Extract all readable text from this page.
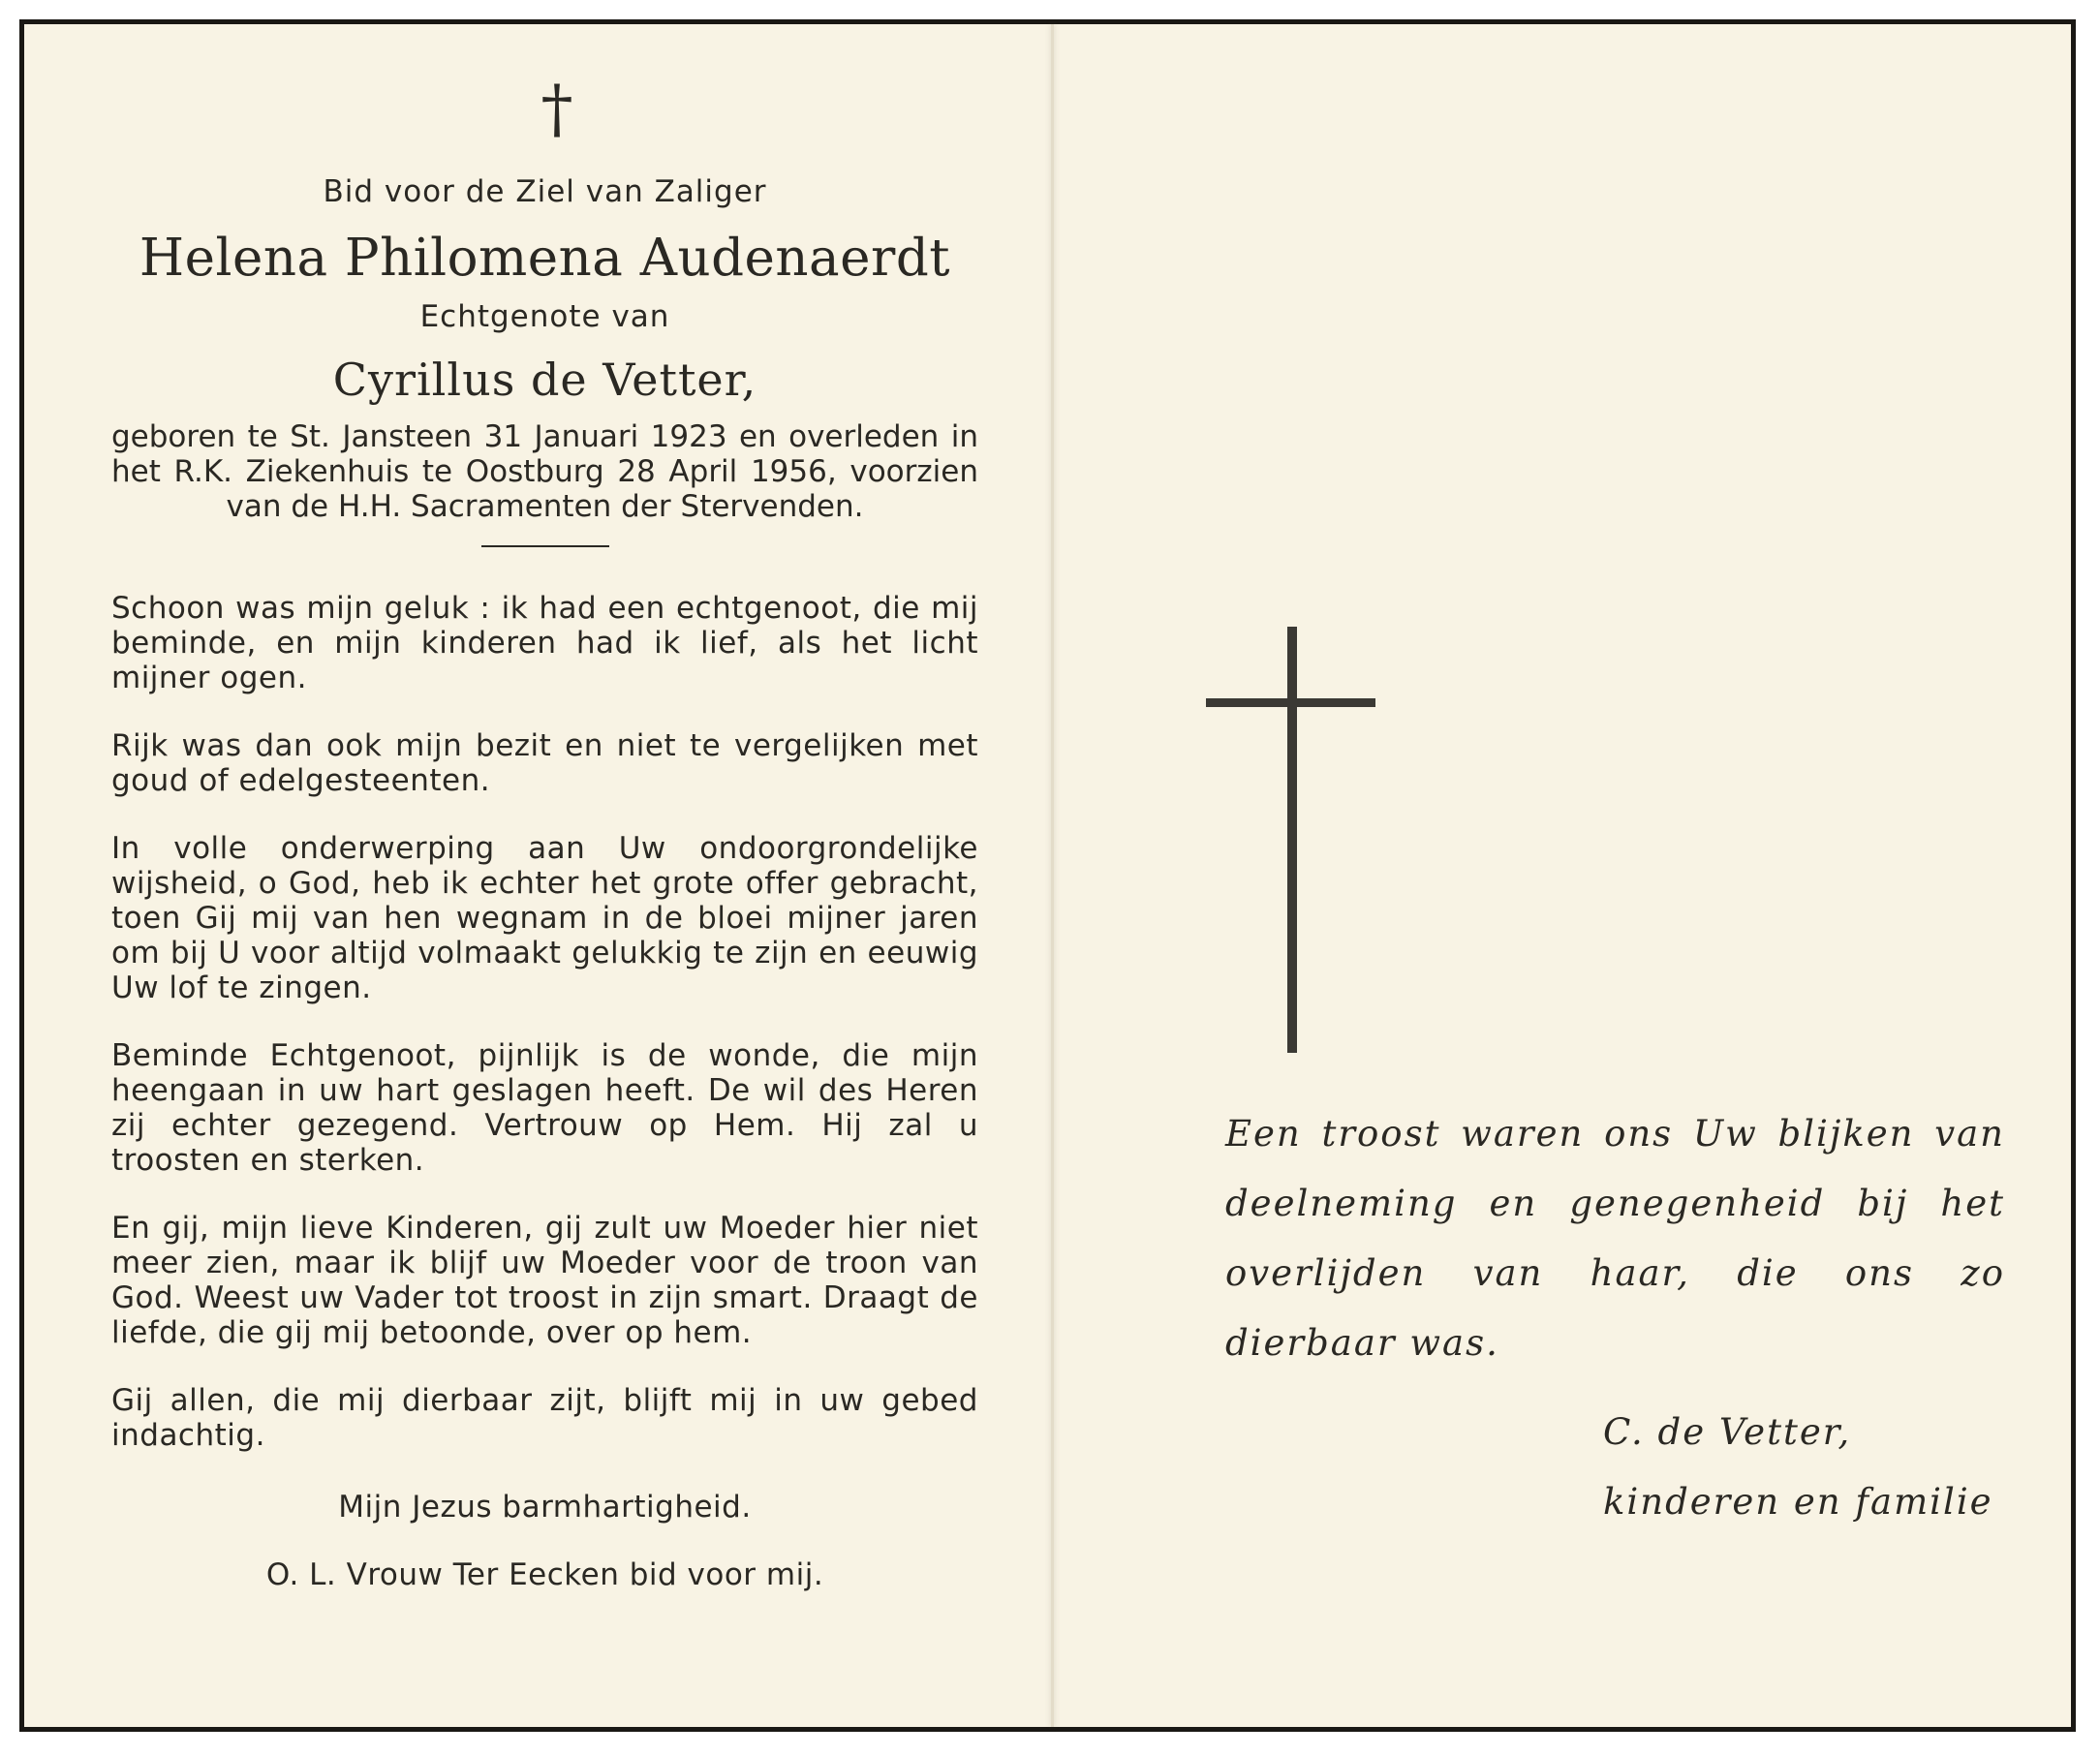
†
Bid voor de Ziel van Zaliger
Helena Philomena Audenaerdt
Echtgenote van
Cyrillus de Vetter,
geboren te St. Jansteen 31 Januari 1923 en overleden in het R.K. Ziekenhuis te Oostburg 28 April 1956, voorzien van de H.H. Sacramenten der Stervenden.

Schoon was mijn geluk : ik had een echtgenoot, die mij beminde, en mijn kinderen had ik lief, als het licht mijner ogen.

Rijk was dan ook mijn bezit en niet te vergelijken met goud of edelgesteenten.

In volle onderwerping aan Uw ondoorgrondelijke wijsheid, o God, heb ik echter het grote offer gebracht, toen Gij mij van hen wegnam in de bloei mijner jaren om bij U voor altijd volmaakt gelukkig te zijn en eeuwig Uw lof te zingen.

Beminde Echtgenoot, pijnlijk is de wonde, die mijn heengaan in uw hart geslagen heeft. De wil des Heren zij echter gezegend. Vertrouw op Hem. Hij zal u troosten en sterken.

En gij, mijn lieve Kinderen, gij zult uw Moeder hier niet meer zien, maar ik blijf uw Moeder voor de troon van God. Weest uw Vader tot troost in zijn smart. Draagt de liefde, die gij mij betoonde, over op hem.

Gij allen, die mij dierbaar zijt, blijft mij in uw gebed indachtig.

Mijn Jezus barmhartigheid.
O. L. Vrouw Ter Eecken bid voor mij.
Een troost waren ons Uw blijken van deelneming en genegenheid bij het overlijden van haar, die ons zo dierbaar was.
C. de Vetter,
kinderen en familie
